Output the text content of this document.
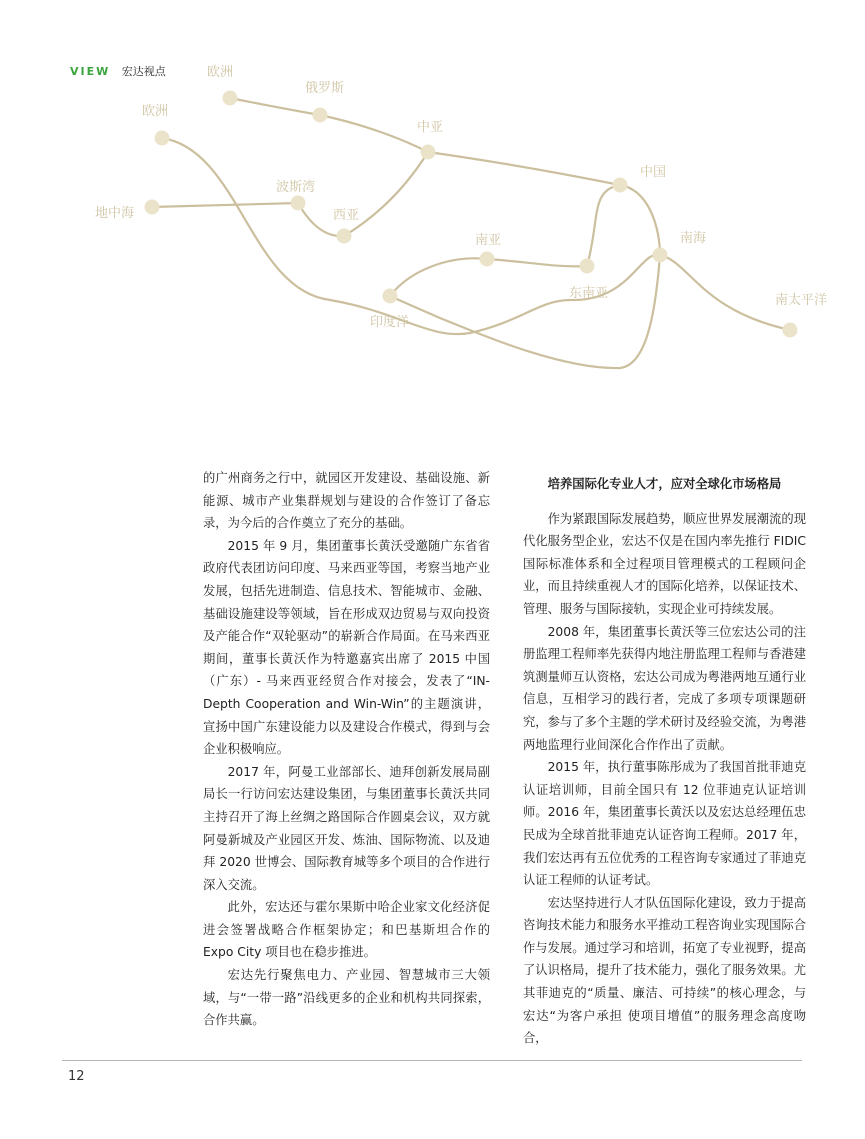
VIEW 宏达视点	欧洲
俄罗斯
中亚
欧洲
波斯湾
地中海	西亚
中国
南亚	南海
东南亚	南太平洋
印度洋

的广州商务之行中，就园区开发建设、基础设施、新能源、城市产业集群规划与建设的合作签订了备忘录，为今后的合作奠立了充分的基础。

2015 年 9 月，集团董事长黄沃受邀随广东省省政府代表团访问印度、马来西亚等国，考察当地产业发展，包括先进制造、信息技术、智能城市、金融、基础设施建设等领域，旨在形成双边贸易与双向投资及产能合作“双轮驱动”的崭新合作局面。在马来西亚期间，董事长黄沃作为特邀嘉宾出席了 2015 中国（广东）- 马来西亚经贸合作对接会，发表了“IN-Depth Cooperation and Win-Win”的主题演讲，宣扬中国广东建设能力以及建设合作模式，得到与会企业积极响应。

2017 年，阿曼工业部部长、迪拜创新发展局副局长一行访问宏达建设集团，与集团董事长黄沃共同主持召开了海上丝绸之路国际合作圆桌会议，双方就阿曼新城及产业园区开发、炼油、国际物流、以及迪拜 2020 世博会、国际教育城等多个项目的合作进行深入交流。

此外，宏达还与霍尔果斯中哈企业家文化经济促进会签署战略合作框架协定；和巴基斯坦合作的 Expo City 项目也在稳步推进。

宏达先行聚焦电力、产业园、智慧城市三大领域，与“一带一路”沿线更多的企业和机构共同探索，合作共赢。

培养国际化专业人才，应对全球化市场格局

作为紧跟国际发展趋势，顺应世界发展潮流的现代化服务型企业，宏达不仅是在国内率先推行 FIDIC 国际标准体系和全过程项目管理模式的工程顾问企业，而且持续重视人才的国际化培养，以保证技术、管理、服务与国际接轨，实现企业可持续发展。

2008 年，集团董事长黄沃等三位宏达公司的注册监理工程师率先获得内地注册监理工程师与香港建筑测量师互认资格，宏达公司成为粤港两地互通行业信息，互相学习的践行者，完成了多项专项课题研究，参与了多个主题的学术研讨及经验交流，为粤港两地监理行业间深化合作作出了贡献。

2015 年，执行董事陈彤成为了我国首批菲迪克认证培训师，目前全国只有 12 位菲迪克认证培训师。2016 年，集团董事长黄沃以及宏达总经理伍忠民成为全球首批菲迪克认证咨询工程师。2017 年，我们宏达再有五位优秀的工程咨询专家通过了菲迪克认证工程师的认证考试。

宏达坚持进行人才队伍国际化建设，致力于提高咨询技术能力和服务水平推动工程咨询业实现国际合作与发展。通过学习和培训，拓宽了专业视野，提高了认识格局，提升了技术能力，强化了服务效果。尤其菲迪克的“质量、廉洁、可持续”的核心理念，与宏达“为客户承担 使项目增值”的服务理念高度吻合，

12
